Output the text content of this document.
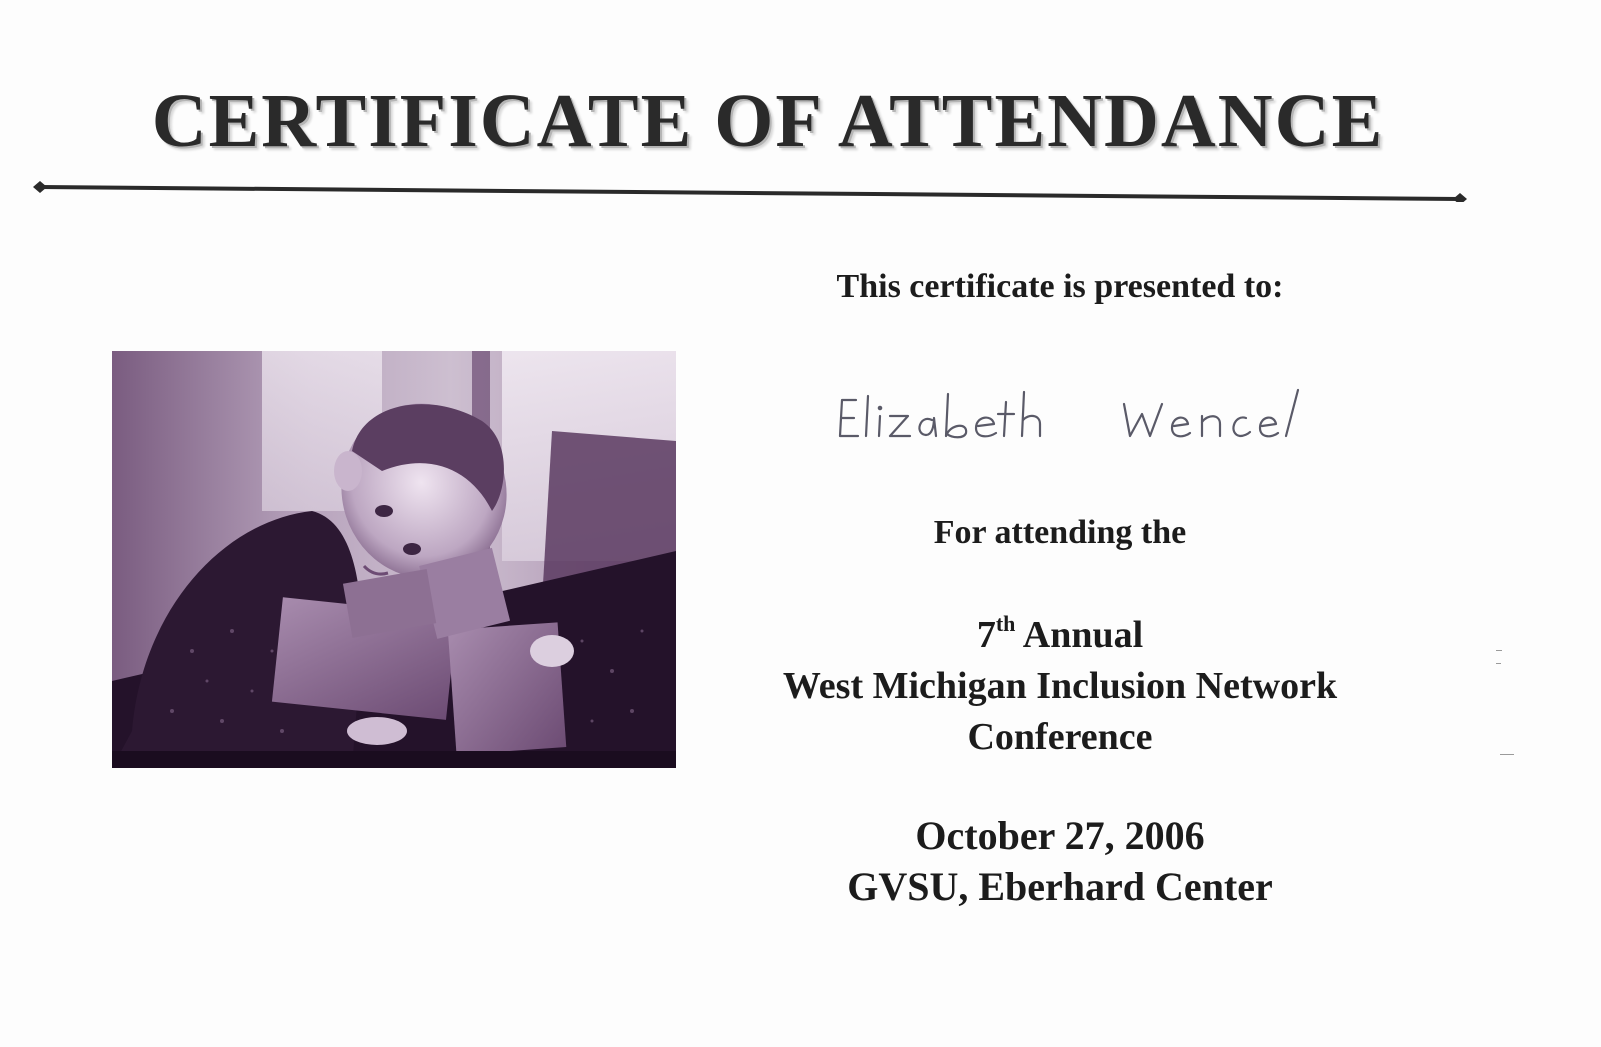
CERTIFICATE OF ATTENDANCE
This certificate is presented to:
For attending the
7th Annual
West Michigan Inclusion Network
Conference
October 27, 2006
GVSU, Eberhard Center
